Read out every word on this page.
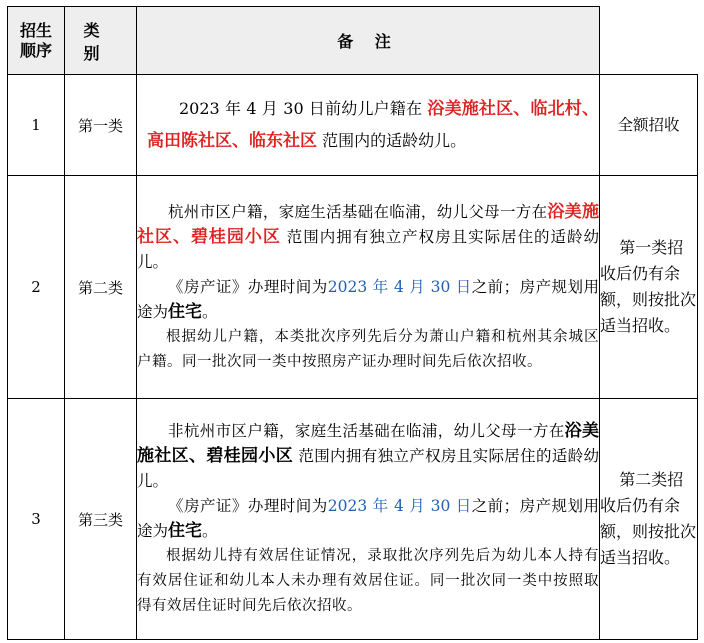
招生
顺序	类 别	备 注	
1	第一类	2023 年 4 月 30 日前幼儿户籍在 浴美施社区、临北村、高田陈社区、临东社区 范围内的适龄幼儿。	全额招收
2	第二类	杭州市区户籍，家庭生活基础在临浦，幼儿父母一方在浴美施社区、碧桂园小区 范围内拥有独立产权房且实际居住的适龄幼儿。

《房产证》办理时间为2023 年 4 月 30 日之前；房产规划用途为住宅。

根据幼儿户籍，本类批次序列先后分为萧山户籍和杭州其余城区户籍。同一批次同一类中按照房产证办理时间先后依次招收。	第一类招收后仍有余额，则按批次适当招收。

3	第三类	非杭州市区户籍，家庭生活基础在临浦，幼儿父母一方在浴美施社区、碧桂园小区 范围内拥有独立产权房且实际居住的适龄幼儿。

《房产证》办理时间为2023 年 4 月 30 日之前；房产规划用途为住宅。

根据幼儿持有效居住证情况，录取批次序列先后为幼儿本人持有有效居住证和幼儿本人未办理有效居住证。同一批次同一类中按照取得有效居住证时间先后依次招收。	第二类招收后仍有余额，则按批次适当招收。
